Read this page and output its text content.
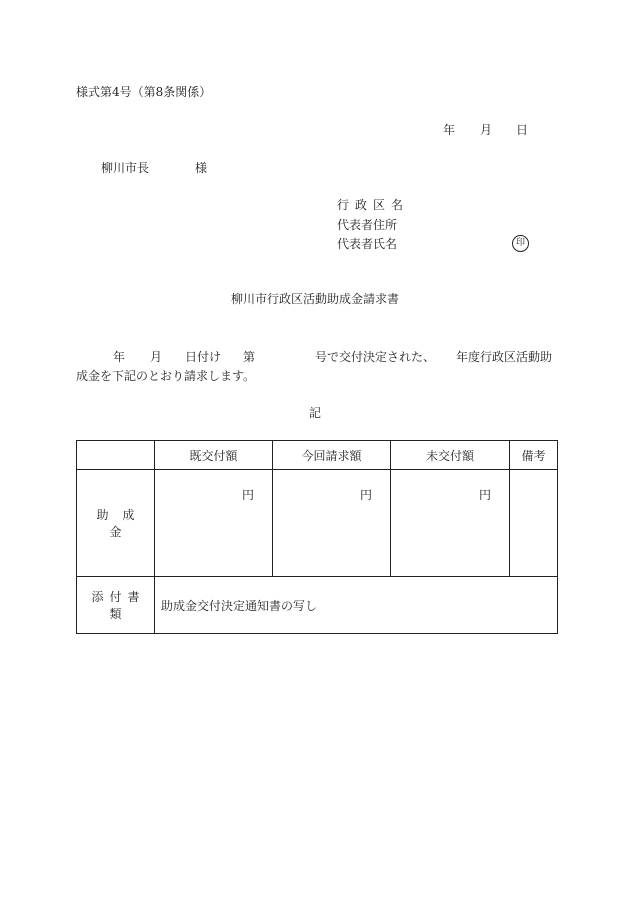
様式第4号（第8条関係）
年 月 日
柳川市長	様
行政区名
代表者住所
代表者氏名	印
柳川市行政区活動助成金請求書
年 月 日付け 第	号で交付決定された、 年度行政区活動助
成金を下記のとおり請求します。
記
	既交付額	今回請求額	未交付額	備考
助成金	円	円	円	
添付書類	助成金交付決定通知書の写し			
